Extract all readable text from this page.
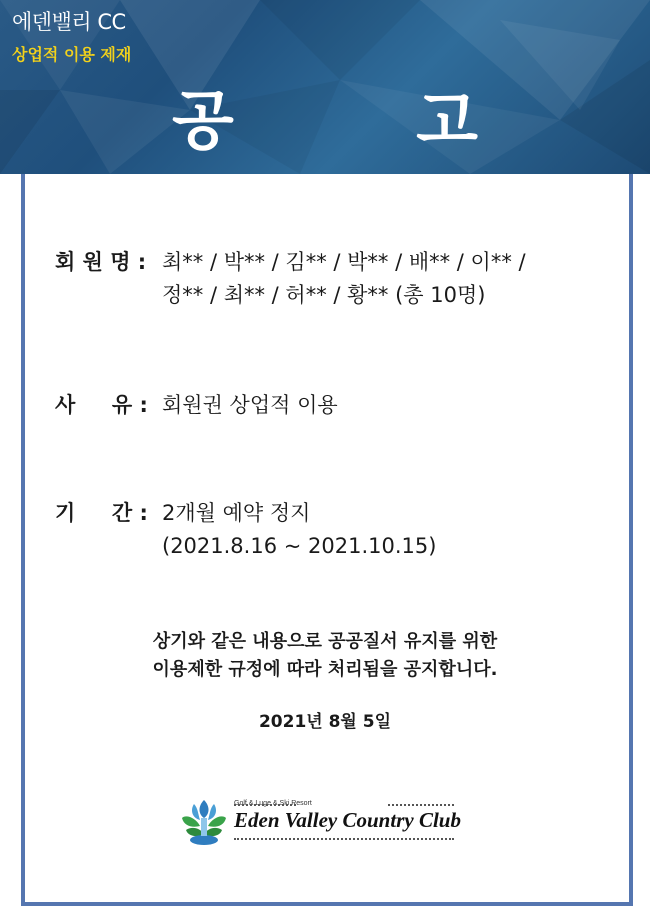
에덴밸리 CC
상업적 이용 제재
공 고
회 원 명 : 최** / 박** / 김** / 박** / 배** / 이** /
정** / 최** / 허** / 황** (총 10명)
사     유 : 회원권 상업적 이용
기     간 : 2개월 예약 정지
(2021.8.16 ~ 2021.10.15)
상기와 같은 내용으로 공공질서 유지를 위한
이용제한 규정에 따라 처리됨을 공지합니다.
2021년 8월 5일
Golf & Luge & Ski Resort
Eden Valley Country Club
